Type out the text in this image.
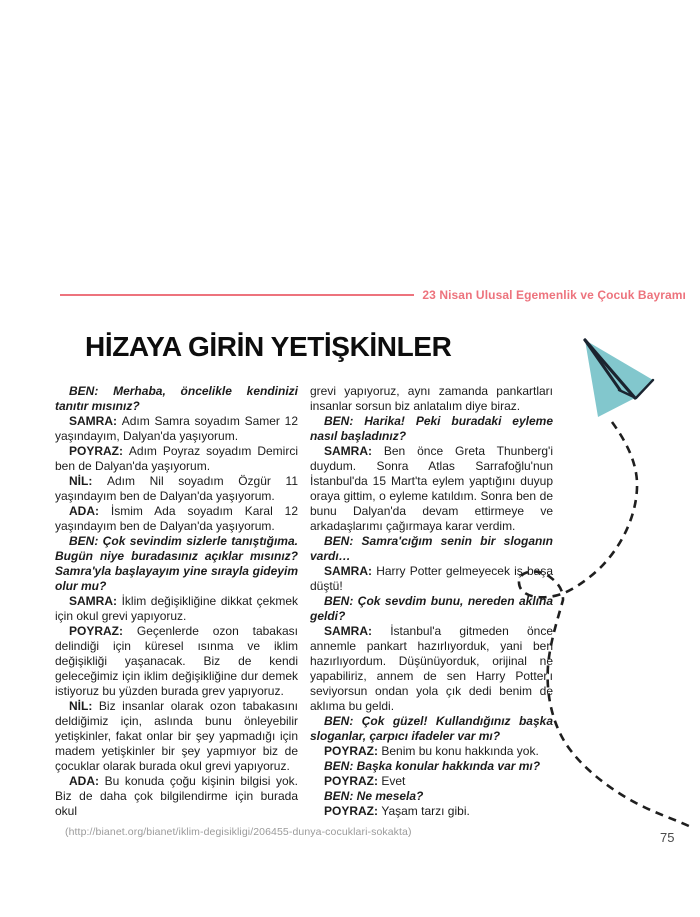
23 Nisan Ulusal Egemenlik ve Çocuk Bayramı
HİZAYA GİRİN YETİŞKİNLER

BEN: Merhaba, öncelikle kendinizi tanıtır mısınız?

SAMRA: Adım Samra soyadım Samer 12 yaşındayım, Dalyan'da yaşıyorum.

POYRAZ: Adım Poyraz soyadım Demirci ben de Dalyan'da yaşıyorum.

NİL: Adım Nil soyadım Özgür 11 yaşındayım ben de Dalyan'da yaşıyorum.

ADA: İsmim Ada soyadım Karal 12 yaşındayım ben de Dalyan'da yaşıyorum.

BEN: Çok sevindim sizlerle tanıştığıma. Bugün niye buradasınız açıklar mısınız? Samra'yla başlayayım yine sırayla gideyim olur mu?

SAMRA: İklim değişikliğine dikkat çekmek için okul grevi yapıyoruz.

POYRAZ: Geçenlerde ozon tabakası delindiği için küresel ısınma ve iklim değişikliği yaşanacak. Biz de kendi geleceğimiz için iklim değişikliğine dur demek istiyoruz bu yüzden burada grev yapıyoruz.

NİL: Biz insanlar olarak ozon tabakasını deldiğimiz için, aslında bunu önleyebilir yetişkinler, fakat onlar bir şey yapmadığı için madem yetişkinler bir şey yapmıyor biz de çocuklar olarak burada okul grevi yapıyoruz.

ADA: Bu konuda çoğu kişinin bilgisi yok. Biz de daha çok bilgilendirme için burada okul

grevi yapıyoruz, aynı zamanda pankartları insanlar sorsun biz anlatalım diye biraz.

BEN: Harika! Peki buradaki eyleme nasıl başladınız?

SAMRA: Ben önce Greta Thunberg'i duydum. Sonra Atlas Sarrafoğlu'nun İstanbul'da 15 Mart'ta eylem yaptığını duyup oraya gittim, o eyleme katıldım. Sonra ben de bunu Dalyan'da devam ettirmeye ve arkadaşlarımı çağırmaya karar verdim.

BEN: Samra'cığım senin bir sloganın vardı…

SAMRA: Harry Potter gelmeyecek iş başa düştü!

BEN: Çok sevdim bunu, nereden aklına geldi?

SAMRA: İstanbul'a gitmeden önce annemle pankart hazırlıyorduk, yani ben hazırlıyordum. Düşünüyorduk, orijinal ne yapabiliriz, annem de sen Harry Potter'ı seviyorsun ondan yola çık dedi benim de aklıma bu geldi.

BEN: Çok güzel! Kullandığınız başka sloganlar, çarpıcı ifadeler var mı?

POYRAZ: Benim bu konu hakkında yok.

BEN: Başka konular hakkında var mı?

POYRAZ: Evet

BEN: Ne mesela?

POYRAZ: Yaşam tarzı gibi.

(http://bianet.org/bianet/iklim-degisikligi/206455-dunya-cocuklari-sokakta)	75
